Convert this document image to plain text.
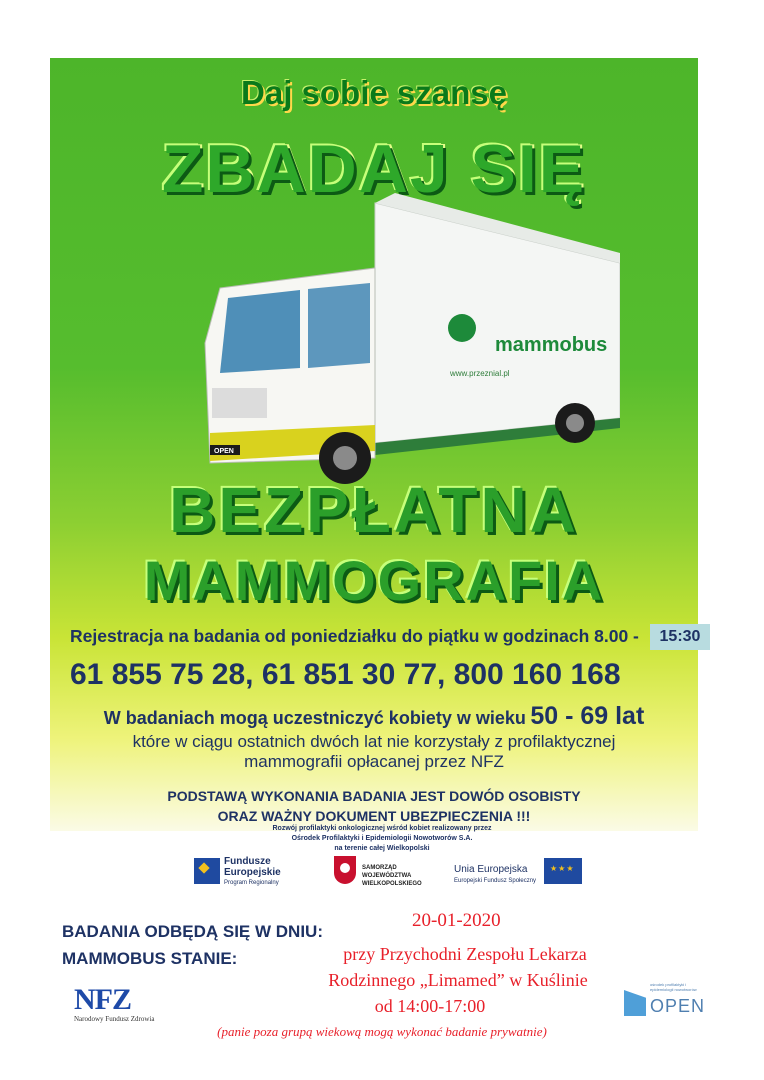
Daj sobie szansę
ZBADAJ SIĘ
mammobus
www.przeznial.pl
OPEN
BEZPŁATNA
MAMMOGRAFIA
Rejestracja na badania od poniedziałku do piątku w godzinach 8.00 -	15:30
61 855 75 28, 61 851 30 77, 800 160 168
W badaniach mogą uczestniczyć kobiety w wieku 50 - 69 lat
które w ciągu ostatnich dwóch lat nie korzystały z profilaktycznej
mammografii opłacanej przez NFZ
PODSTAWĄ WYKONANIA BADANIA JEST DOWÓD OSOBISTY
ORAZ WAŻNY DOKUMENT UBEZPIECZENIA !!!
Rozwój profilaktyki onkologicznej wśród kobiet realizowany przez
Ośrodek Profilaktyki i Epidemiologii Nowotworów S.A.
na terenie całej Wielkopolski
Fundusze
Europejskie
Program Regionalny
SAMORZĄD WOJEWÓDZTWA
WIELKOPOLSKIEGO
Unia Europejska
Europejski Fundusz Społeczny
★★★
BADANIA ODBĘDĄ SIĘ W DNIU:
MAMMOBUS STANIE:
20-01-2020
przy Przychodni Zespołu Lekarza
Rodzinnego „Limamed” w Kuślinie
od 14:00-17:00
(panie poza grupą wiekową mogą wykonać badanie prywatnie)
NFZ
Narodowy Fundusz Zdrowia
ośrodek profilaktyki i epidemiologii nowotworów
OPEN
